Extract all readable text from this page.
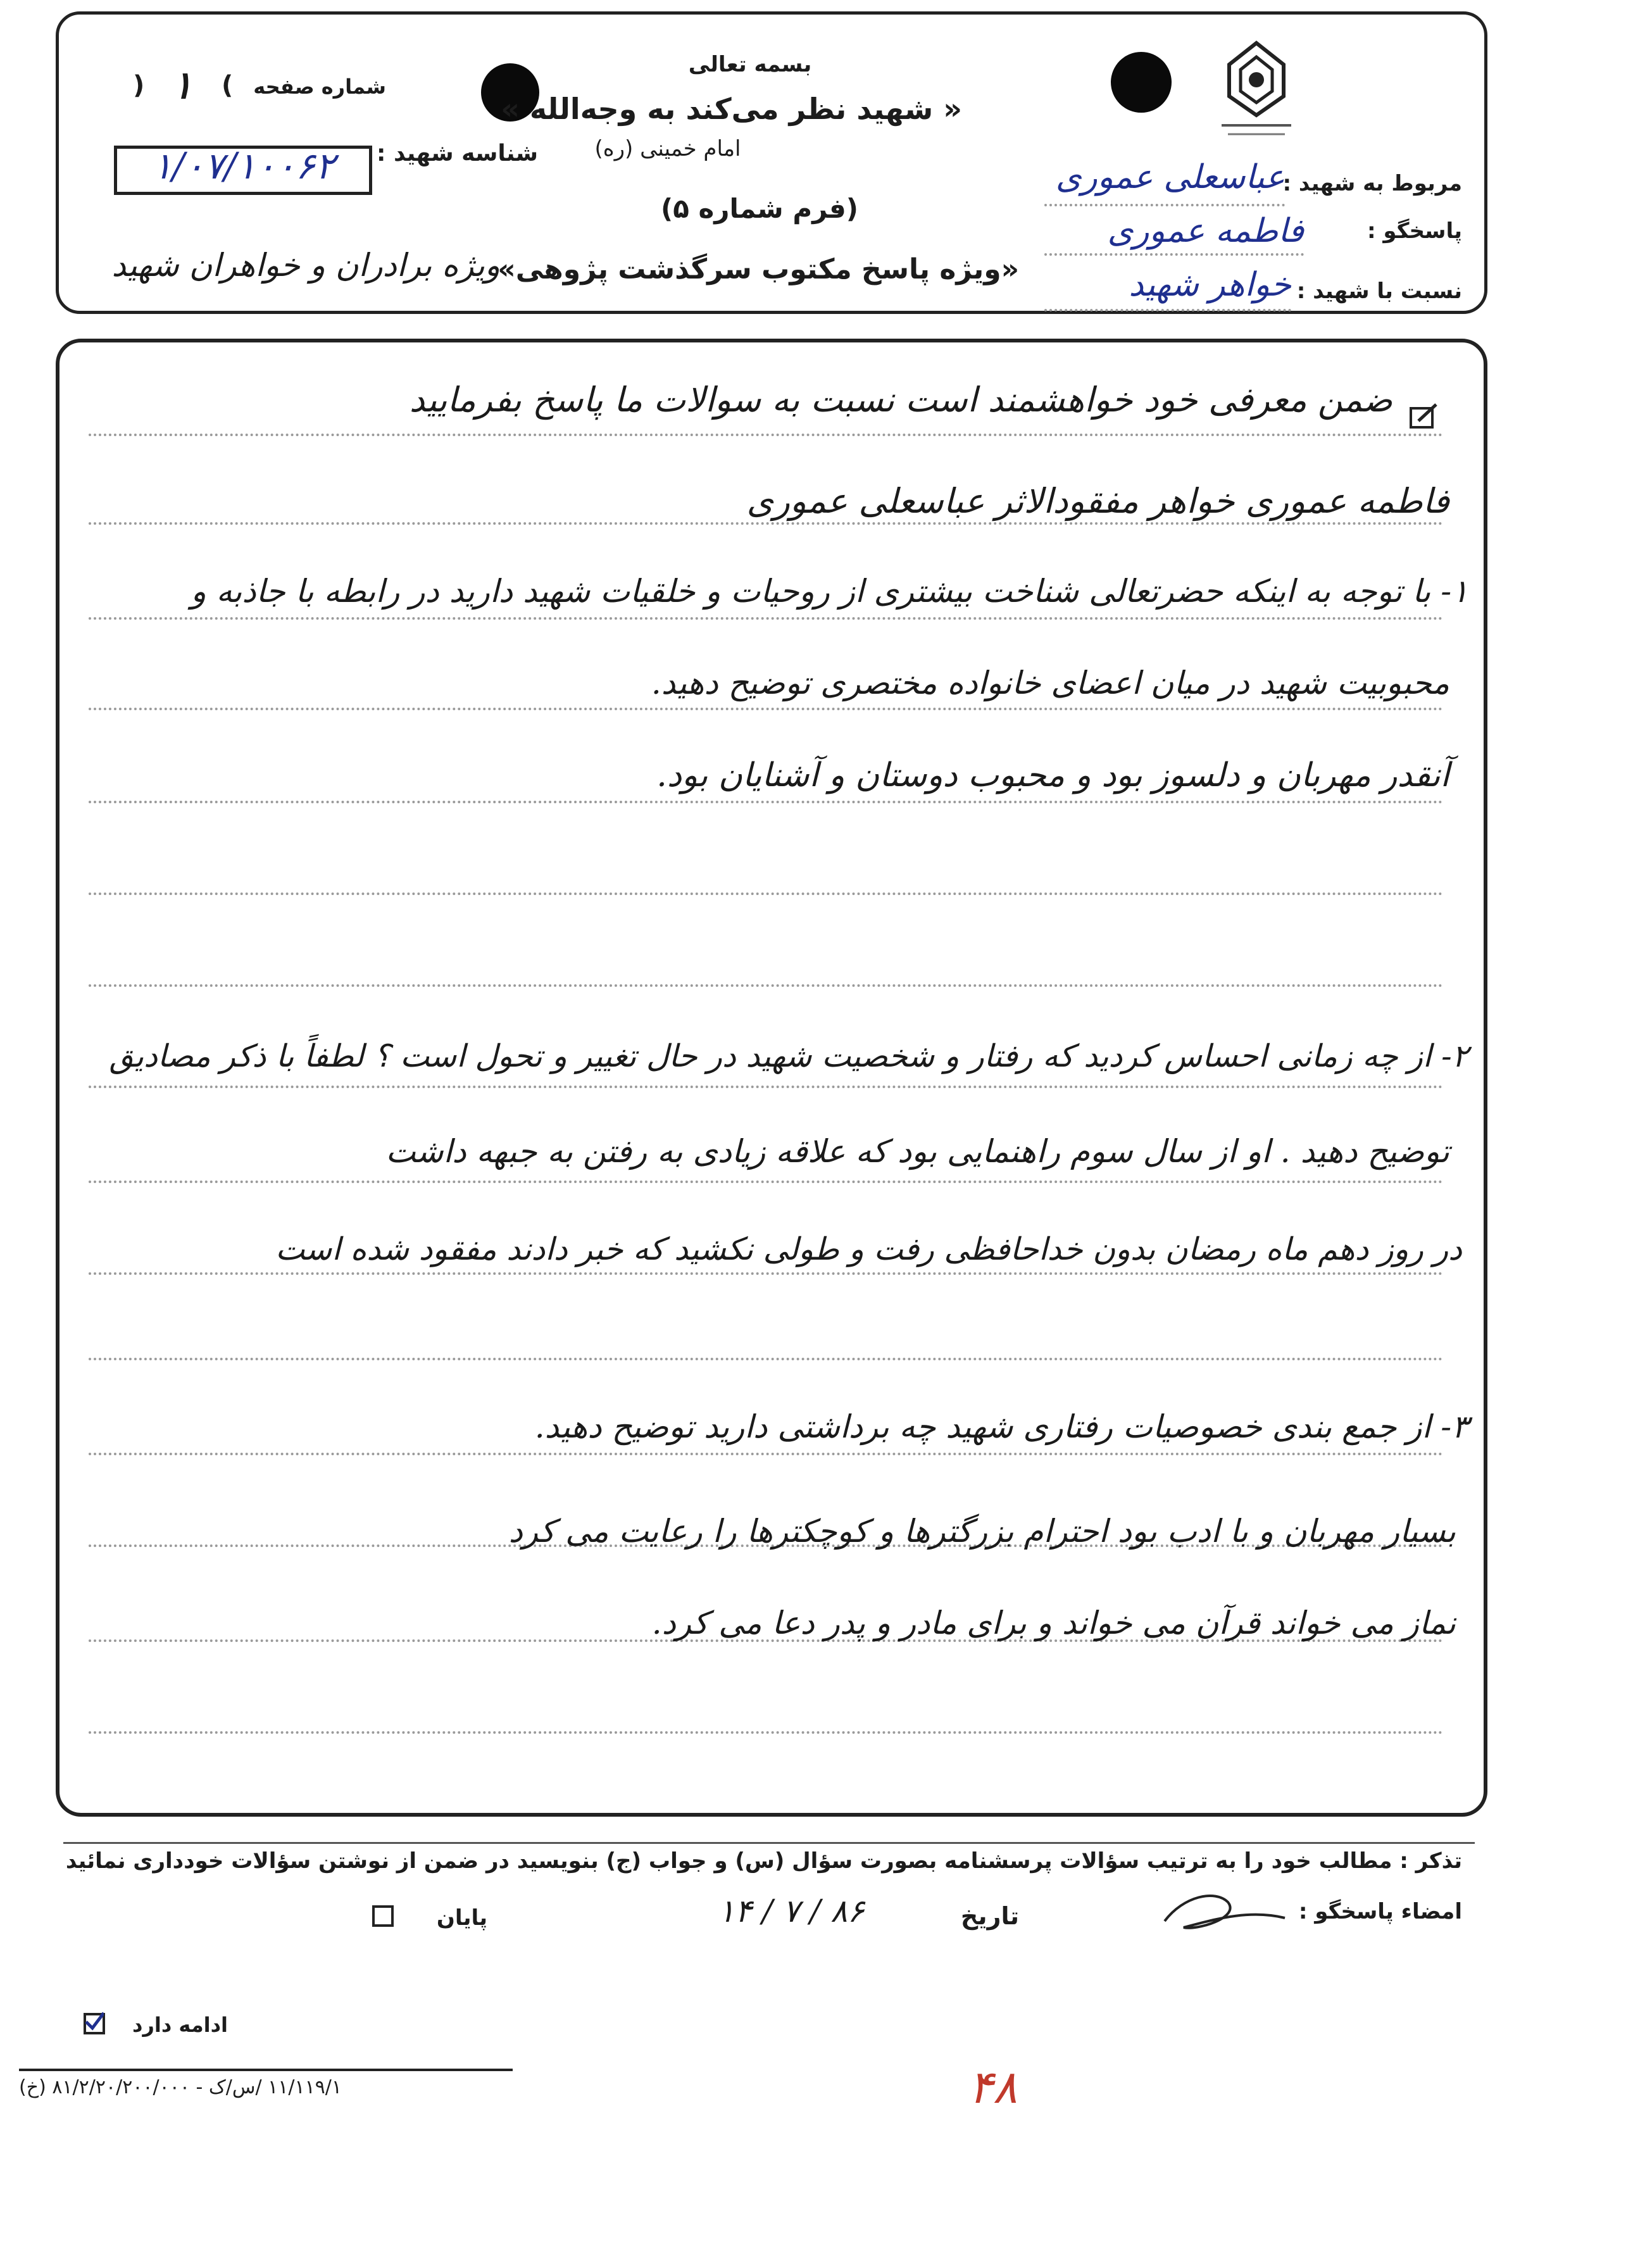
بسمه تعالی
« شهید نظر می‌کند به وجه‌الله »
امام خمینی (ره)
(فرم شماره ۵)
«ویژه پاسخ مکتوب سرگذشت پژوهی»
ویژه برادران و خواهران شهید
شماره صفحه
) ۱ (
شناسه شهید :
۱/۰۷/۱۰۰۶۲	مربوط به شهید :
عباسعلی عموری
پاسخگو :
فاطمه عموری
نسبت با شهید :
خواهر شهید
ضمن معرفی خود خواهشمند است نسبت به سوالات ما پاسخ بفرمایید
فاطمه عموری خواهر مفقودالاثر عباسعلی عموری
۱- با توجه به اینکه حضرتعالی شناخت بیشتری از روحیات و خلقیات شهید دارید در رابطه با جاذبه و
محبوبیت شهید در میان اعضای خانواده مختصری توضیح دهید.
آنقدر مهربان و دلسوز بود و محبوب دوستان و آشنایان بود.
۲- از چه زمانی احساس کردید که رفتار و شخصیت شهید در حال تغییر و تحول است ؟ لطفاً با ذکر مصادیق
توضیح دهید . او از سال سوم راهنمایی بود که علاقه زیادی به رفتن به جبهه داشت
در روز دهم ماه رمضان بدون خداحافظی رفت و طولی نکشید که خبر دادند مفقود شده است
۳- از جمع بندی خصوصیات رفتاری شهید چه برداشتی دارید توضیح دهید.
بسیار مهربان و با ادب بود احترام بزرگترها و کوچکترها را رعایت می کرد
نماز می خواند قرآن می خواند و برای مادر و پدر دعا می کرد.
تذکر : مطالب خود را به ترتیب سؤالات پرسشنامه بصورت سؤال (س) و جواب (ج) بنویسید در ضمن از نوشتن سؤالات خودداری نمائید
امضاء پاسخگو :
تاریخ
۸۶ / ۷ / ۱۴
پایان
ادامه دارد
۱۱/۱۱۹/۱ /س/ک - ۸۱/۲/۲۰/۲۰۰/۰۰۰ (خ)	۴۸
